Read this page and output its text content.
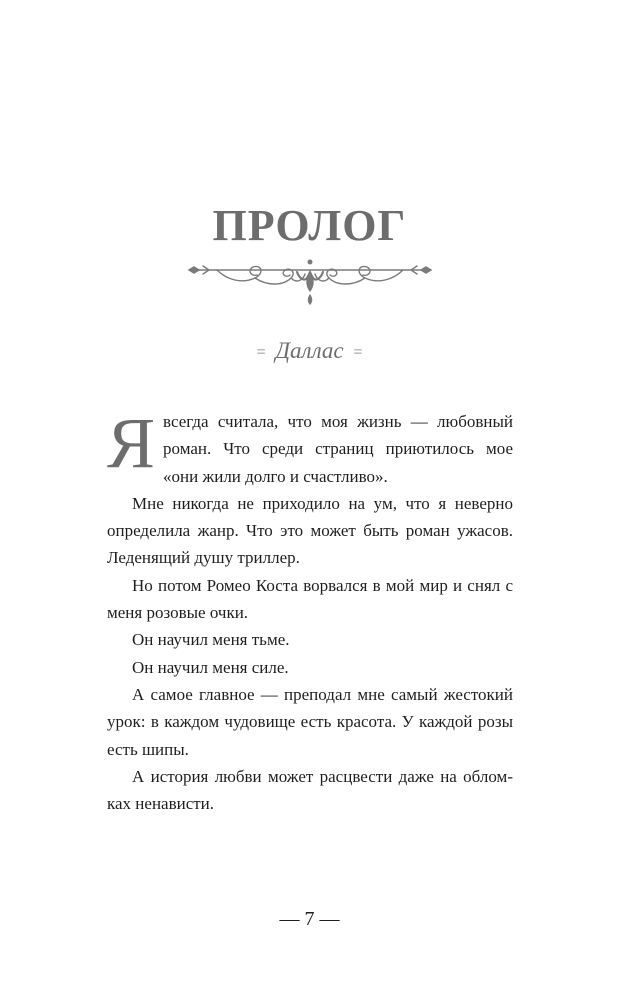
ПРОЛОГ
= Даллас =

Я всегда считала, что моя жизнь — любовный роман. Что среди страниц приютилось мое «они жили долго и счастливо».

Мне никогда не приходило на ум, что я неверно определила жанр. Что это может быть роман ужасов. Леденящий душу триллер.

Но потом Ромео Коста ворвался в мой мир и снял с меня розовые очки.

Он научил меня тьме.

Он научил меня силе.

А самое главное — преподал мне самый жестокий урок: в каждом чудовище есть красота. У каждой розы есть шипы.

А история любви может расцвести даже на обломках ненависти.

— 7 —
